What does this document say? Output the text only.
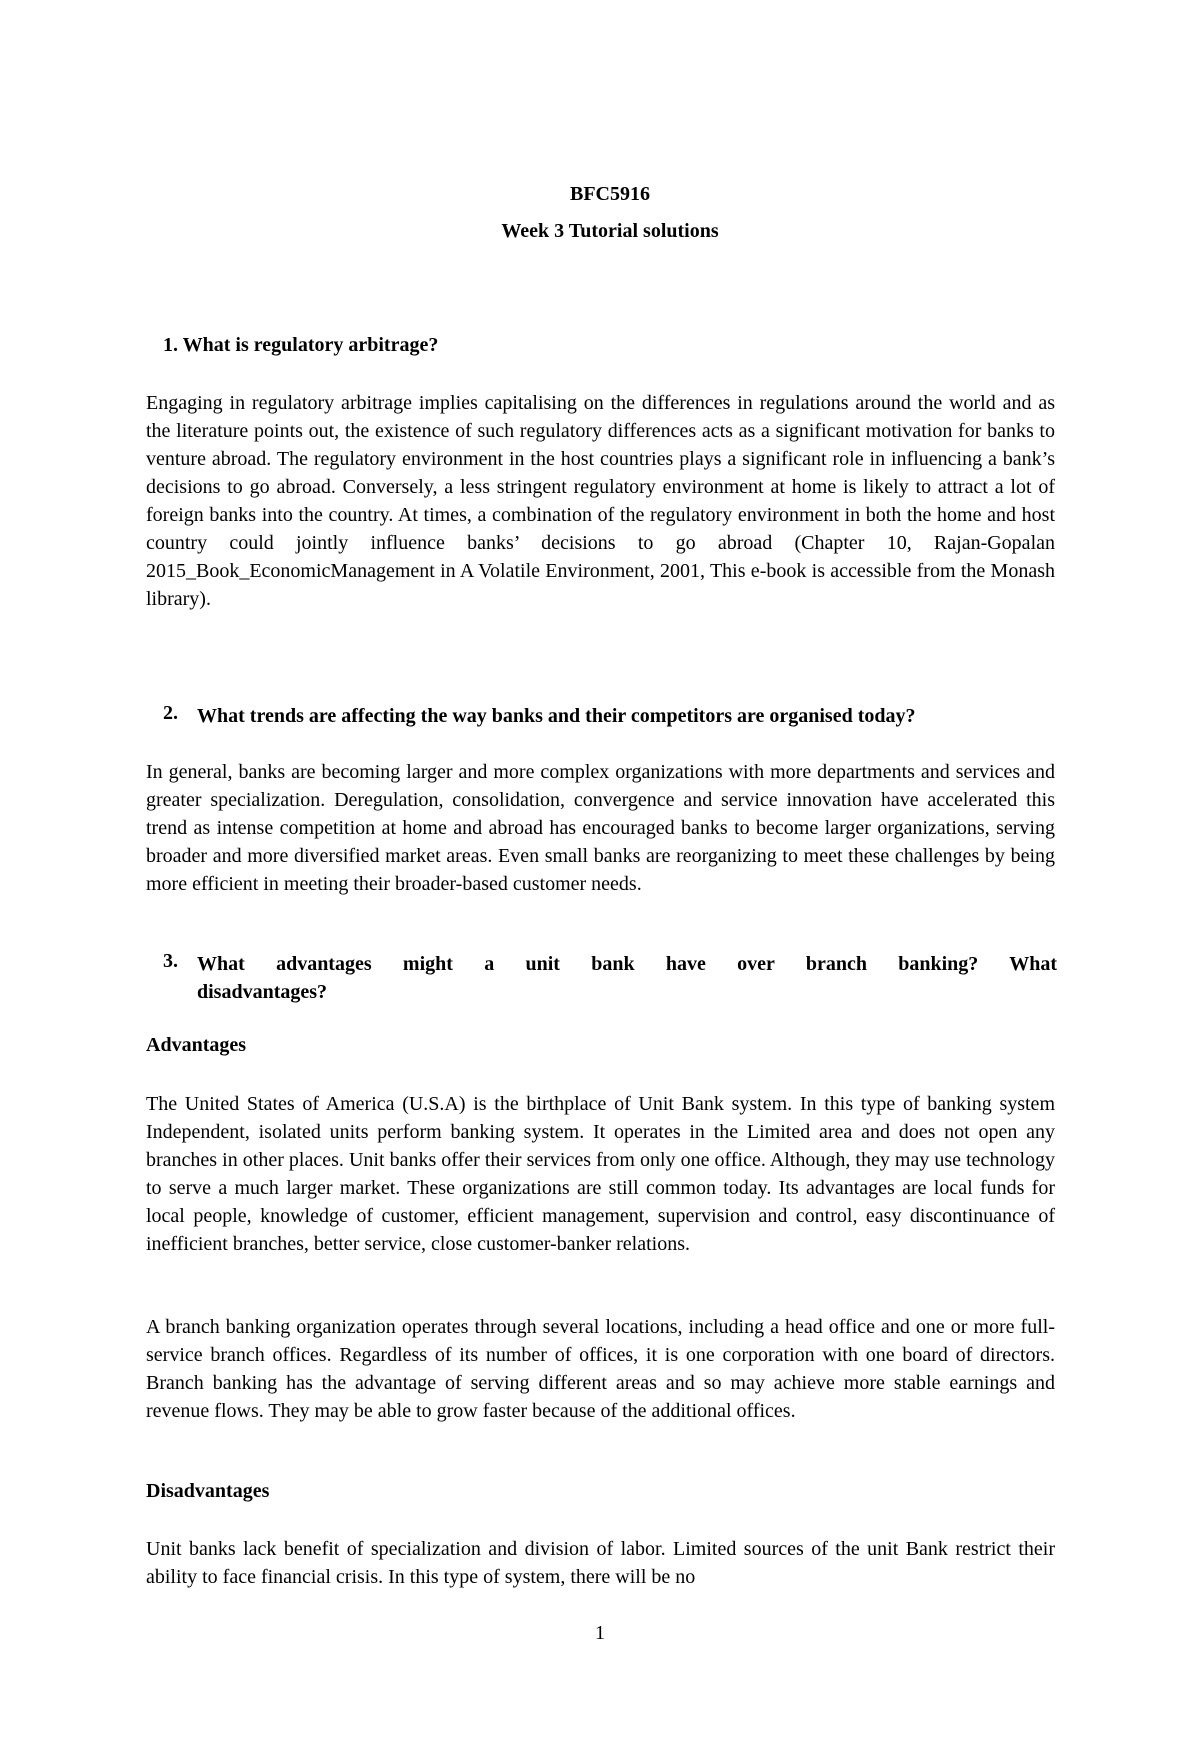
BFC5916
Week 3 Tutorial solutions
1. What is regulatory arbitrage?

Engaging in regulatory arbitrage implies capitalising on the differences in regulations around the world and as the literature points out, the existence of such regulatory differences acts as a significant motivation for banks to venture abroad. The regulatory environment in the host countries plays a significant role in influencing a bank’s decisions to go abroad. Conversely, a less stringent regulatory environment at home is likely to attract a lot of foreign banks into the country. At times, a combination of the regulatory environment in both the home and host country could jointly influence banks’ decisions to go abroad (Chapter 10, Rajan-Gopalan 2015_Book_EconomicManagement in A Volatile Environment, 2001, This e-book is accessible from the Monash library).

2. What trends are affecting the way banks and their competitors are organised today?

In general, banks are becoming larger and more complex organizations with more departments and services and greater specialization. Deregulation, consolidation, convergence and service innovation have accelerated this trend as intense competition at home and abroad has encouraged banks to become larger organizations, serving broader and more diversified market areas. Even small banks are reorganizing to meet these challenges by being more efficient in meeting their broader-based customer needs.

3. What advantages might a unit bank have over branch banking? What
disadvantages?
Advantages

The United States of America (U.S.A) is the birthplace of Unit Bank system. In this type of banking system Independent, isolated units perform banking system. It operates in the Limited area and does not open any branches in other places. Unit banks offer their services from only one office. Although, they may use technology to serve a much larger market. These organizations are still common today. Its advantages are local funds for local people, knowledge of customer, efficient management, supervision and control, easy discontinuance of inefficient branches, better service, close customer-banker relations.

A branch banking organization operates through several locations, including a head office and one or more full-service branch offices. Regardless of its number of offices, it is one corporation with one board of directors. Branch banking has the advantage of serving different areas and so may achieve more stable earnings and revenue flows. They may be able to grow faster because of the additional offices.

Disadvantages

Unit banks lack benefit of specialization and division of labor. Limited sources of the unit Bank restrict their ability to face financial crisis. In this type of system, there will be no

1
